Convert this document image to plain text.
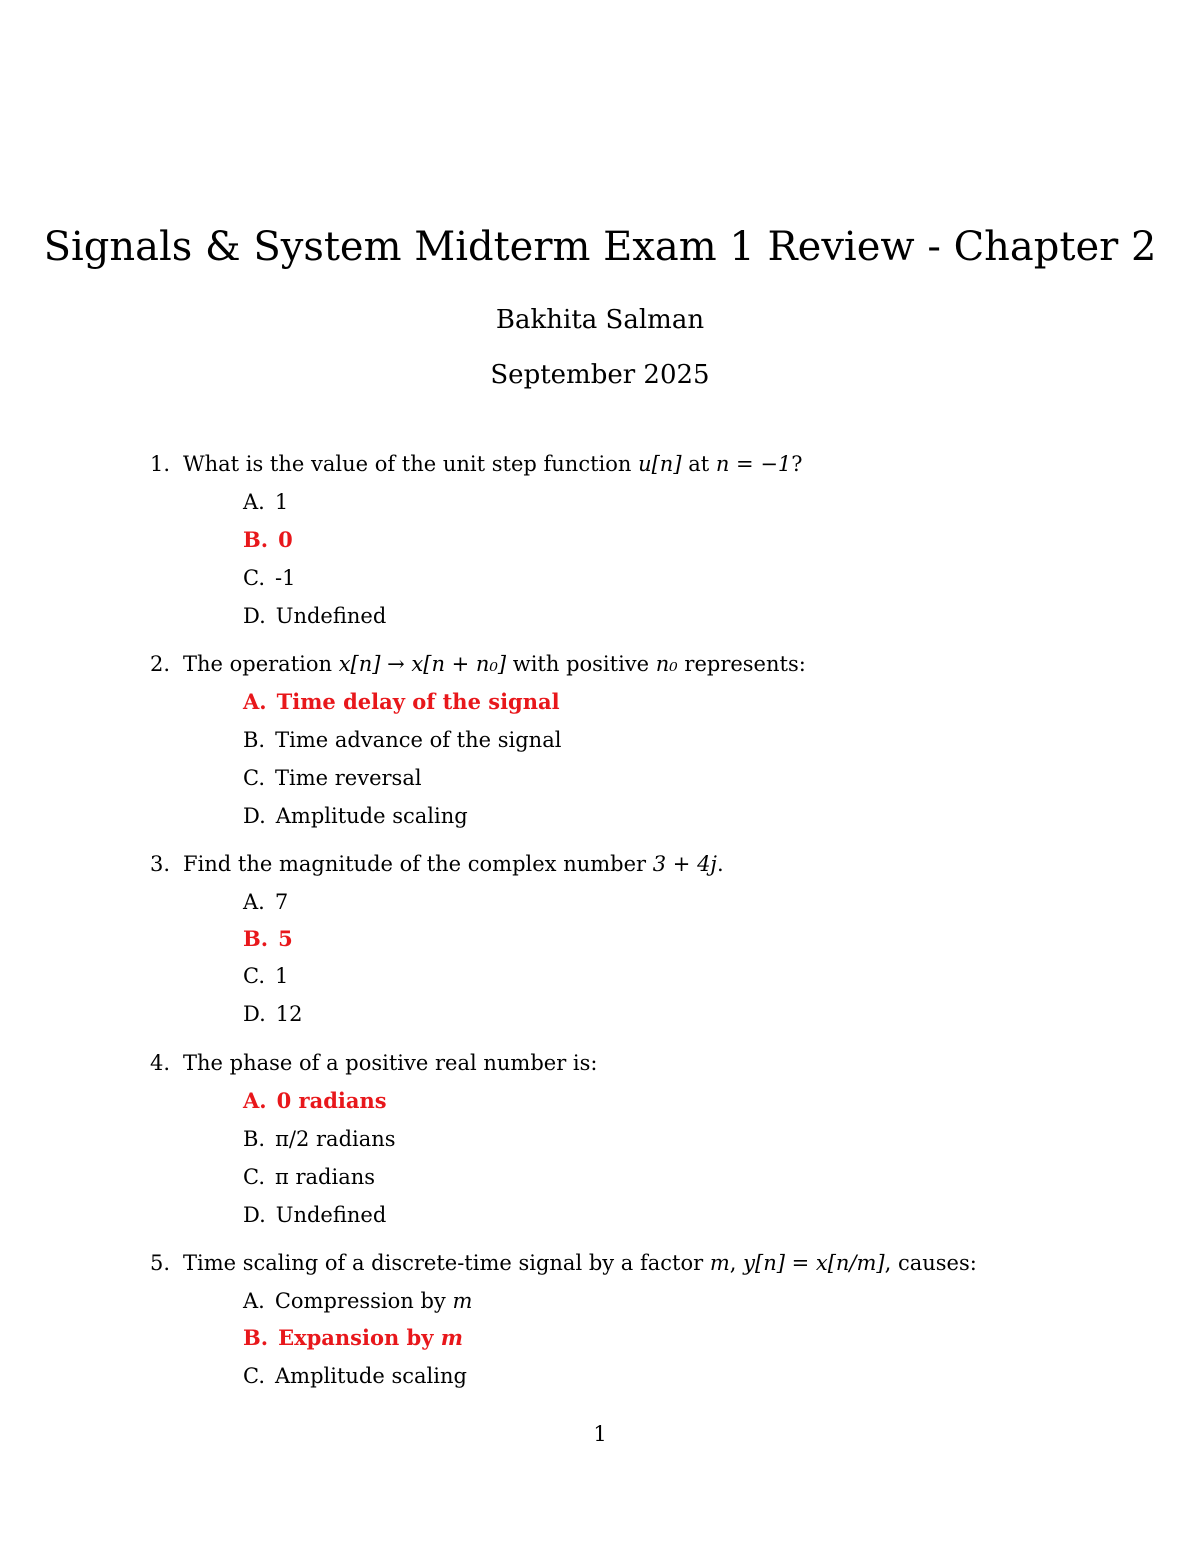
Signals & System Midterm Exam 1 Review - Chapter 2
Bakhita Salman
September 2025
1. What is the value of the unit step function u[n] at n = −1?
A. 1
B. 0
C. -1
D. Undefined
2. The operation x[n] → x[n + n₀] with positive n₀ represents:
A. Time delay of the signal
B. Time advance of the signal
C. Time reversal
D. Amplitude scaling
3. Find the magnitude of the complex number 3 + 4j.
A. 7
B. 5
C. 1
D. 12
4. The phase of a positive real number is:
A. 0 radians
B. π/2 radians
C. π radians
D. Undefined
5. Time scaling of a discrete-time signal by a factor m, y[n] = x[n/m], causes:
A. Compression by m
B. Expansion by m
C. Amplitude scaling
1
